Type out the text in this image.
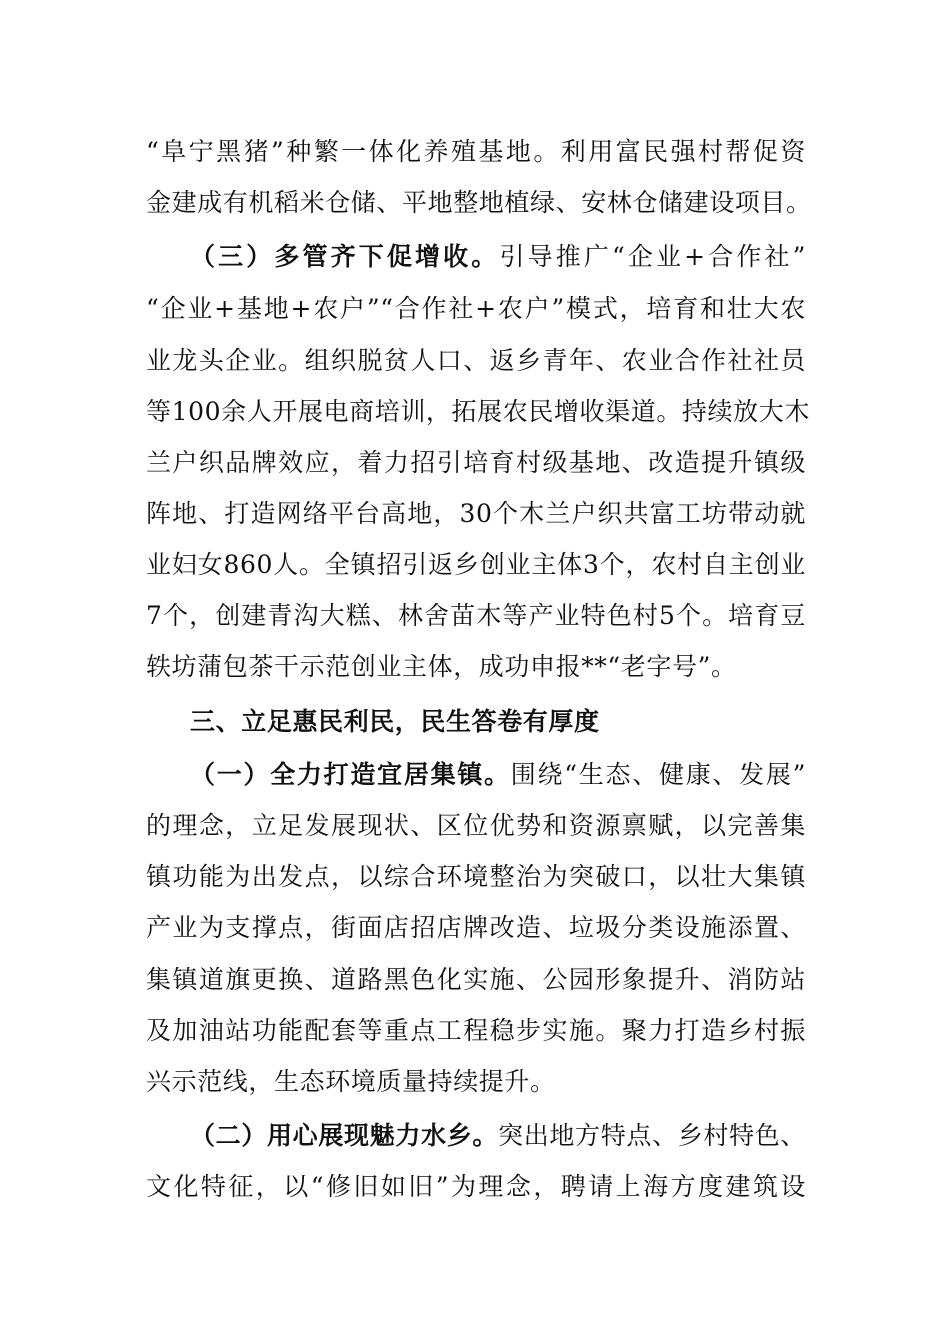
“阜宁黑猪”种繁一体化养殖基地。利用富民强村帮促资
金建成有机稻米仓储、平地整地植绿、安林仓储建设项目。
（三）多管齐下促增收。引导推广“企业+合作社”
“企业+基地+农户”“合作社+农户”模式，培育和壮大农
业龙头企业。组织脱贫人口、返乡青年、农业合作社社员
等100余人开展电商培训，拓展农民增收渠道。持续放大木
兰户织品牌效应，着力招引培育村级基地、改造提升镇级
阵地、打造网络平台高地，30个木兰户织共富工坊带动就
业妇女860人。全镇招引返乡创业主体3个，农村自主创业
7个，创建青沟大糕、林舍苗木等产业特色村5个。培育豆
轶坊蒲包茶干示范创业主体，成功申报**“老字号”。
三、立足惠民利民，民生答卷有厚度
（一）全力打造宜居集镇。围绕“生态、健康、发展”
的理念，立足发展现状、区位优势和资源禀赋，以完善集
镇功能为出发点，以综合环境整治为突破口，以壮大集镇
产业为支撑点，街面店招店牌改造、垃圾分类设施添置、
集镇道旗更换、道路黑色化实施、公园形象提升、消防站
及加油站功能配套等重点工程稳步实施。聚力打造乡村振
兴示范线，生态环境质量持续提升。
（二）用心展现魅力水乡。突出地方特点、乡村特色、
文化特征，以“修旧如旧”为理念，聘请上海方度建筑设
